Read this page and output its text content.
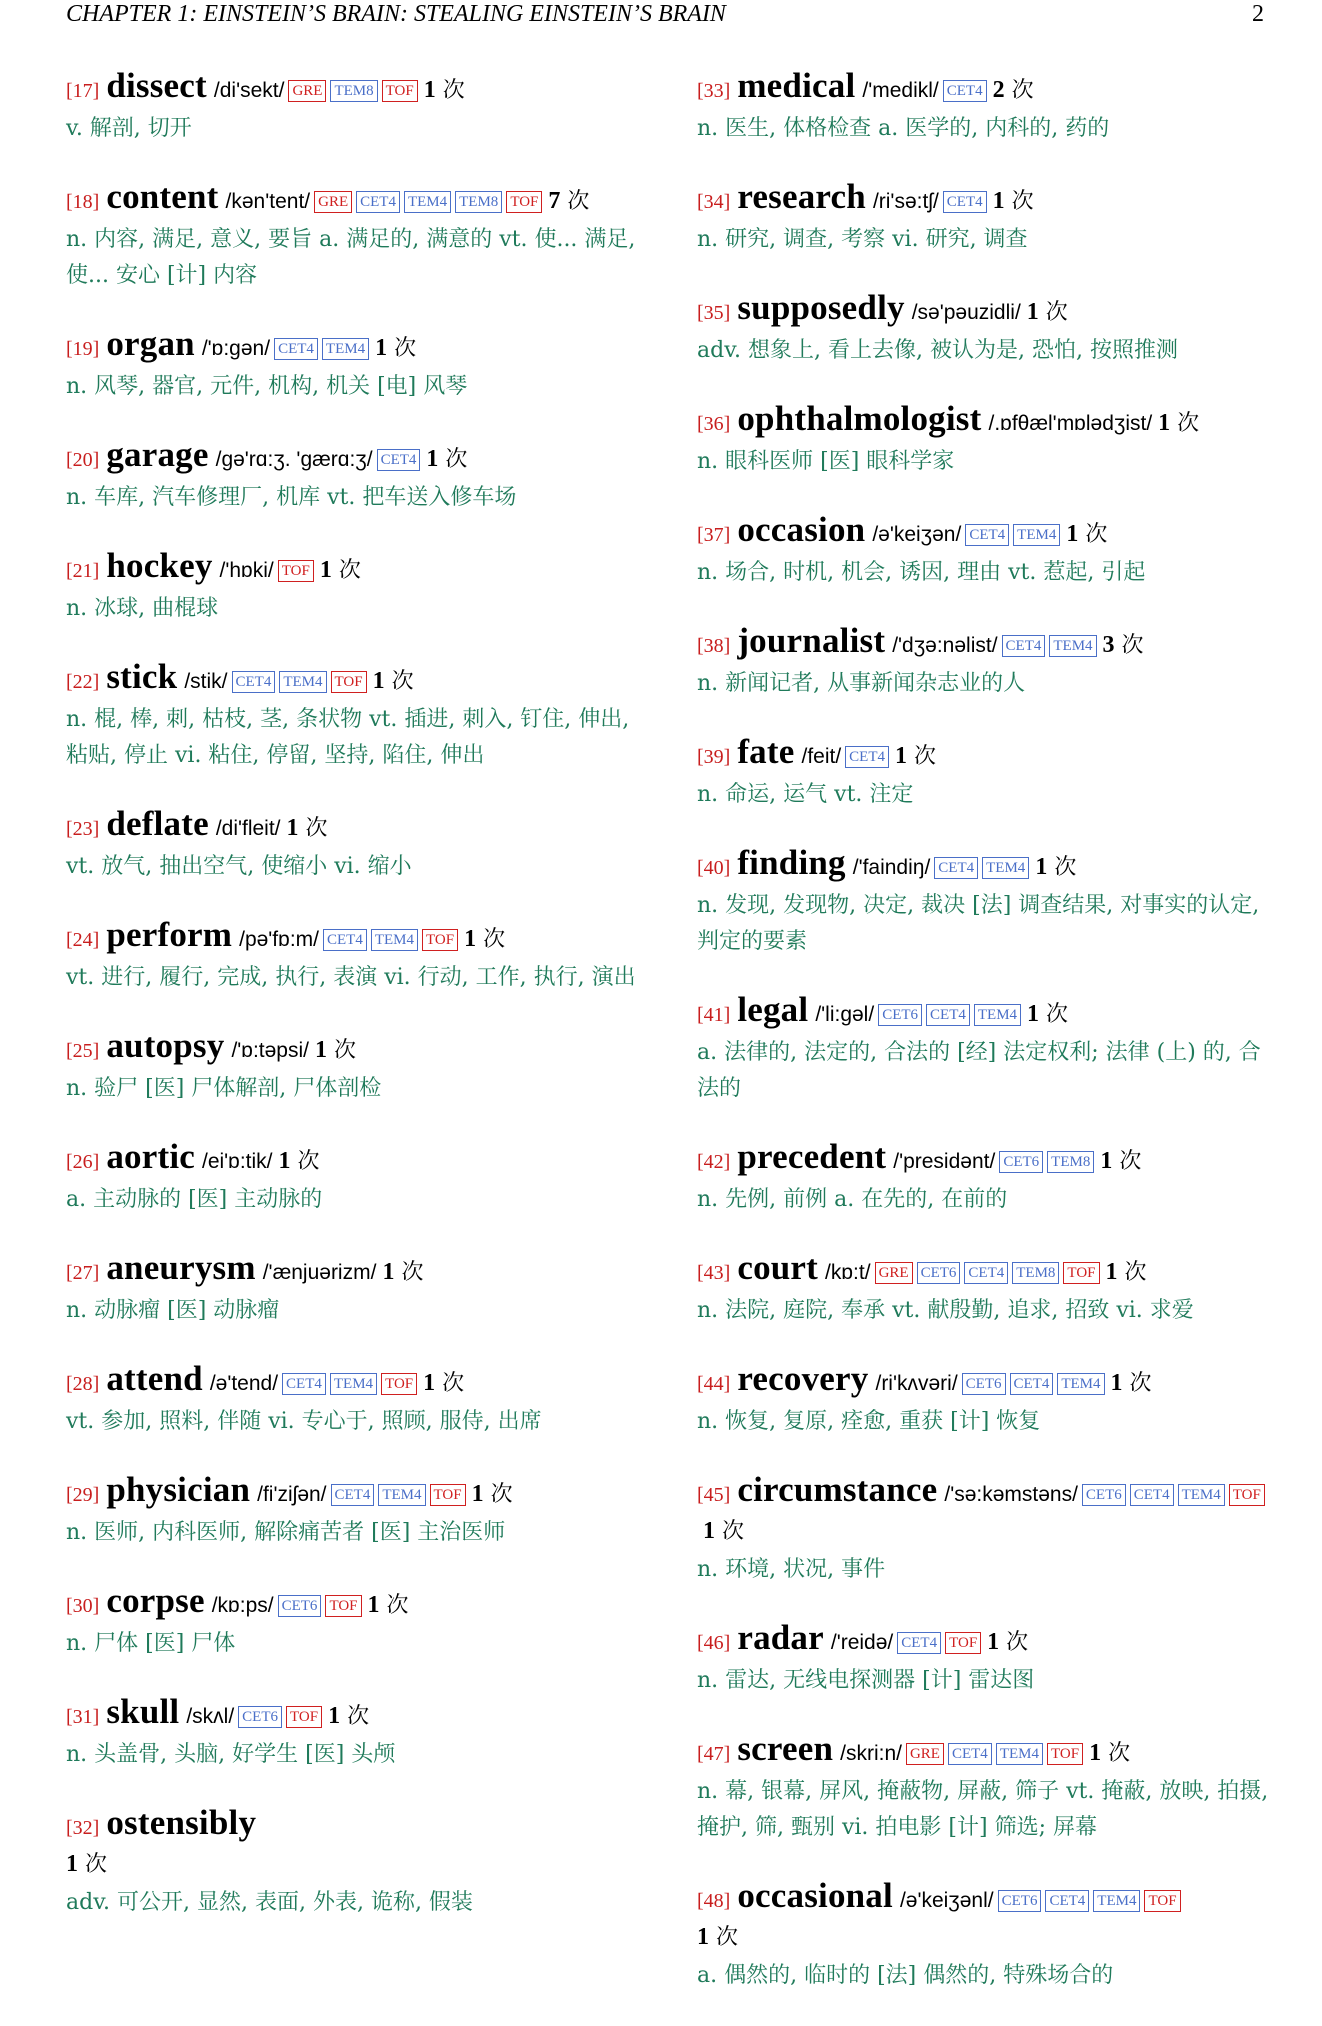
CHAPTER 1: EINSTEIN’S BRAIN: STEALING EINSTEIN’S BRAIN	2
[17] dissect /di'sekt/ GRE TEM8 TOF 1 次
v. 解剖, 切开
[18] content /kən'tent/ GRE CET4 TEM4 TEM8 TOF 7 次
n. 内容, 满足, 意义, 要旨 a. 满足的, 满意的 vt. 使... 满足, 使... 安心 [计] 内容
[19] organ /'ɒ:gən/ CET4 TEM4 1 次
n. 风琴, 器官, 元件, 机构, 机关 [电] 风琴
[20] garage /gə'rɑ:ʒ. 'gærɑ:ʒ/ CET4 1 次
n. 车库, 汽车修理厂, 机库 vt. 把车送入修车场
[21] hockey /'hɒki/ TOF 1 次
n. 冰球, 曲棍球
[22] stick /stik/ CET4 TEM4 TOF 1 次
n. 棍, 棒, 刺, 枯枝, 茎, 条状物 vt. 插进, 刺入, 钉住, 伸出, 粘贴, 停止 vi. 粘住, 停留, 坚持, 陷住, 伸出
[23] deflate /di'fleit/ 1 次
vt. 放气, 抽出空气, 使缩小 vi. 缩小
[24] perform /pə'fɒ:m/ CET4 TEM4 TOF 1 次
vt. 进行, 履行, 完成, 执行, 表演 vi. 行动, 工作, 执行, 演出
[25] autopsy /'ɒ:təpsi/ 1 次
n. 验尸 [医] 尸体解剖, 尸体剖检
[26] aortic /ei'ɒ:tik/ 1 次
a. 主动脉的 [医] 主动脉的
[27] aneurysm /'ænjuərizm/ 1 次
n. 动脉瘤 [医] 动脉瘤
[28] attend /ə'tend/ CET4 TEM4 TOF 1 次
vt. 参加, 照料, 伴随 vi. 专心于, 照顾, 服侍, 出席
[29] physician /fi'ziʃən/ CET4 TEM4 TOF 1 次
n. 医师, 内科医师, 解除痛苦者 [医] 主治医师
[30] corpse /kɒ:ps/ CET6 TOF 1 次
n. 尸体 [医] 尸体
[31] skull /skʌl/ CET6 TOF 1 次
n. 头盖骨, 头脑, 好学生 [医] 头颅
[32] ostensibly
1 次
adv. 可公开, 显然, 表面, 外表, 诡称, 假装
[33] medical /'medikl/ CET4 2 次
n. 医生, 体格检查 a. 医学的, 内科的, 药的
[34] research /ri'sə:tʃ/ CET4 1 次
n. 研究, 调查, 考察 vi. 研究, 调查
[35] supposedly /sə'pəuzidli/ 1 次
adv. 想象上, 看上去像, 被认为是, 恐怕, 按照推测
[36] ophthalmologist /.ɒfθæl'mɒlədʒist/ 1 次
n. 眼科医师 [医] 眼科学家
[37] occasion /ə'keiʒən/ CET4 TEM4 1 次
n. 场合, 时机, 机会, 诱因, 理由 vt. 惹起, 引起
[38] journalist /'dʒə:nəlist/ CET4 TEM4 3 次
n. 新闻记者, 从事新闻杂志业的人
[39] fate /feit/ CET4 1 次
n. 命运, 运气 vt. 注定
[40] finding /'faindiŋ/ CET4 TEM4 1 次
n. 发现, 发现物, 决定, 裁决 [法] 调查结果, 对事实的认定, 判定的要素
[41] legal /'li:gəl/ CET6 CET4 TEM4 1 次
a. 法律的, 法定的, 合法的 [经] 法定权利; 法律 (上) 的, 合法的
[42] precedent /'presidənt/ CET6 TEM8 1 次
n. 先例, 前例 a. 在先的, 在前的
[43] court /kɒ:t/ GRE CET6 CET4 TEM8 TOF 1 次
n. 法院, 庭院, 奉承 vt. 献殷勤, 追求, 招致 vi. 求爱
[44] recovery /ri'kʌvəri/ CET6 CET4 TEM4 1 次
n. 恢复, 复原, 痊愈, 重获 [计] 恢复
[45] circumstance /'sə:kəmstəns/ CET6 CET4 TEM4 TOF1 次
n. 环境, 状况, 事件
[46] radar /'reidə/ CET4 TOF 1 次
n. 雷达, 无线电探测器 [计] 雷达图
[47] screen /skri:n/ GRE CET4 TEM4 TOF 1 次
n. 幕, 银幕, 屏风, 掩蔽物, 屏蔽, 筛子 vt. 掩蔽, 放映, 拍摄, 掩护, 筛, 甄别 vi. 拍电影 [计] 筛选; 屏幕
[48] occasional /ə'keiʒənl/ CET6 CET4 TEM4 TOF
1 次
a. 偶然的, 临时的 [法] 偶然的, 特殊场合的
